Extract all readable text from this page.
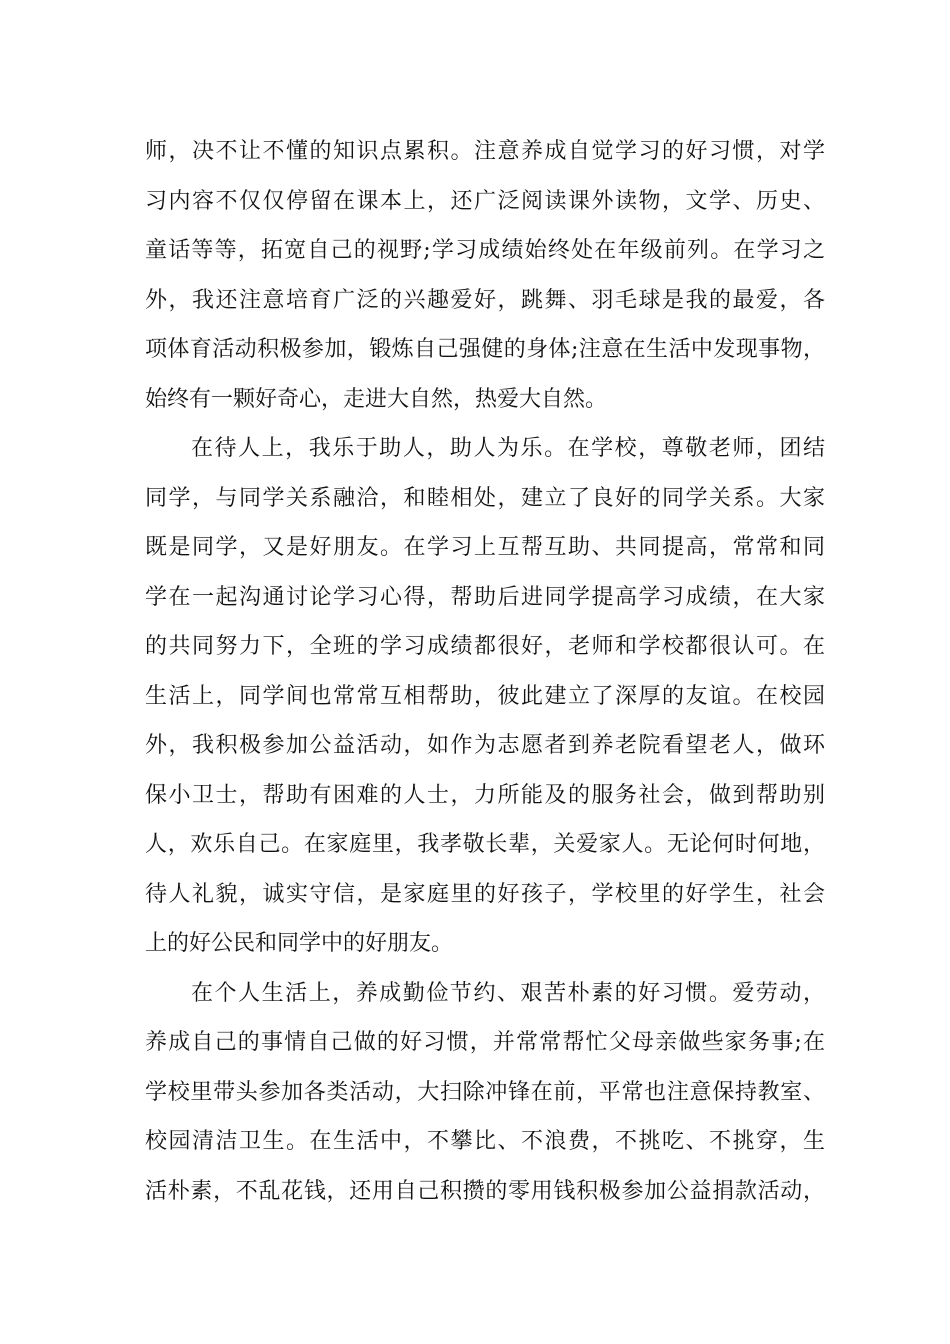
师，决不让不懂的知识点累积。注意养成自觉学习的好习惯，对学
习内容不仅仅停留在课本上，还广泛阅读课外读物，文学、历史、
童话等等，拓宽自己的视野;学习成绩始终处在年级前列。在学习之
外，我还注意培育广泛的兴趣爱好，跳舞、羽毛球是我的最爱，各
项体育活动积极参加，锻炼自己强健的身体;注意在生活中发现事物，
始终有一颗好奇心，走进大自然，热爱大自然。
在待人上，我乐于助人，助人为乐。在学校，尊敬老师，团结
同学，与同学关系融洽，和睦相处，建立了良好的同学关系。大家
既是同学，又是好朋友。在学习上互帮互助、共同提高，常常和同
学在一起沟通讨论学习心得，帮助后进同学提高学习成绩，在大家
的共同努力下，全班的学习成绩都很好，老师和学校都很认可。在
生活上，同学间也常常互相帮助，彼此建立了深厚的友谊。在校园
外，我积极参加公益活动，如作为志愿者到养老院看望老人，做环
保小卫士，帮助有困难的人士，力所能及的服务社会，做到帮助别
人，欢乐自己。在家庭里，我孝敬长辈，关爱家人。无论何时何地，
待人礼貌，诚实守信，是家庭里的好孩子，学校里的好学生，社会
上的好公民和同学中的好朋友。
在个人生活上，养成勤俭节约、艰苦朴素的好习惯。爱劳动，
养成自己的事情自己做的好习惯，并常常帮忙父母亲做些家务事;在
学校里带头参加各类活动，大扫除冲锋在前，平常也注意保持教室、
校园清洁卫生。在生活中，不攀比、不浪费，不挑吃、不挑穿，生
活朴素，不乱花钱，还用自己积攒的零用钱积极参加公益捐款活动，
